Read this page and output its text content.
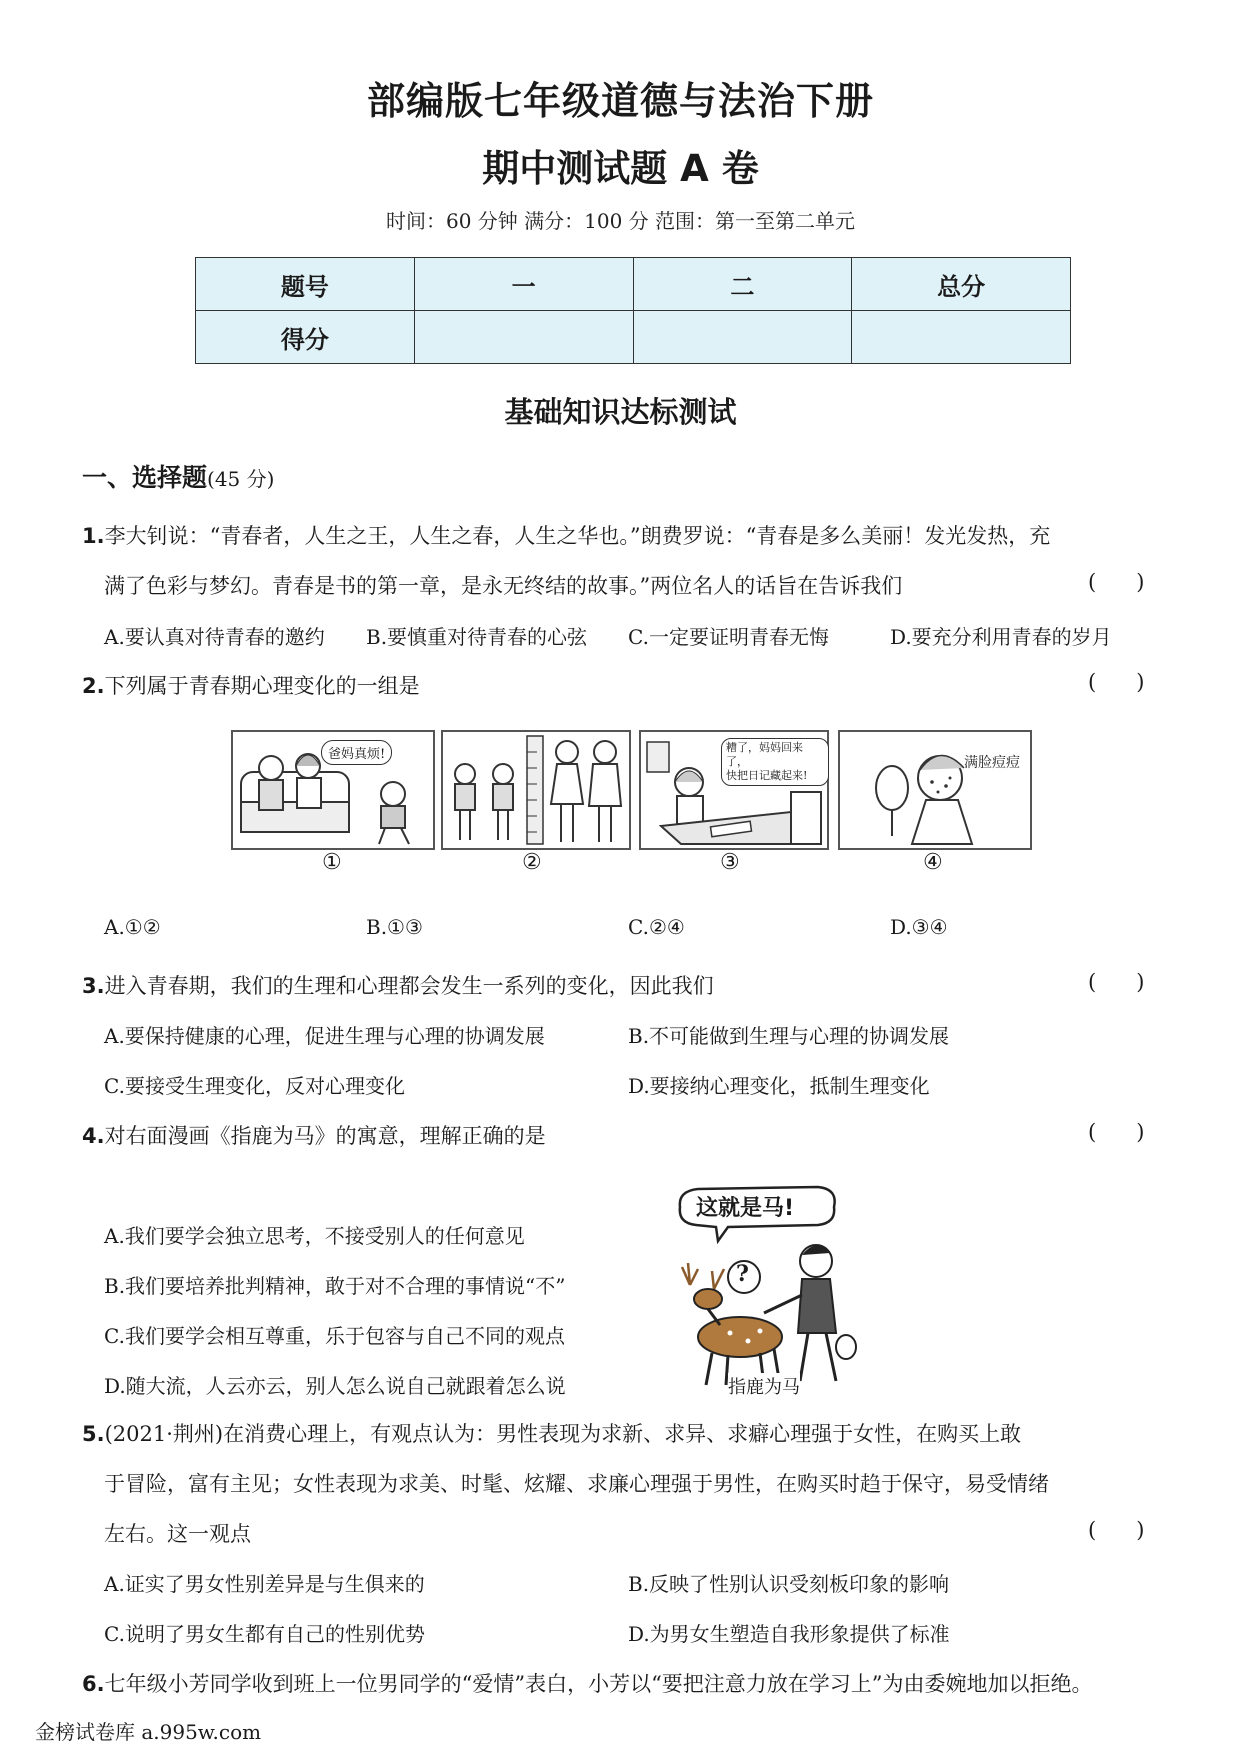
部编版七年级道德与法治下册
期中测试题 A 卷
时间：60 分钟 满分：100 分 范围：第一至第二单元
题号	一	二	总分
得分			
基础知识达标测试
一、选择题(45 分)
1.李大钊说：“青春者，人生之王，人生之春，人生之华也。”朗费罗说：“青春是多么美丽！发光发热，充
满了色彩与梦幻。青春是书的第一章，是永无终结的故事。”两位名人的话旨在告诉我们	(      )
A.要认真对待青春的邀约 B.要慎重对待青春的心弦 C.一定要证明青春无悔	D.要充分利用青春的岁月
2.下列属于青春期心理变化的一组是	(      )
爸妈真烦!
①	②
糟了，妈妈回来了，
快把日记藏起来!
③
满脸痘痘
④
A.①②	B.①③	C.②④	D.③④
3.进入青春期，我们的生理和心理都会发生一系列的变化，因此我们	(      )
A.要保持健康的心理，促进生理与心理的协调发展	B.不可能做到生理与心理的协调发展
C.要接受生理变化，反对心理变化	D.要接纳心理变化，抵制生理变化
4.对右面漫画《指鹿为马》的寓意，理解正确的是	(      )
A.我们要学会独立思考，不接受别人的任何意见
B.我们要培养批判精神，敢于对不合理的事情说“不”
C.我们要学会相互尊重，乐于包容与自己不同的观点
D.随大流，人云亦云，别人怎么说自己就跟着怎么说
这就是马!
?
指鹿为马
5.(2021·荆州)在消费心理上，有观点认为：男性表现为求新、求异、求癖心理强于女性，在购买上敢
于冒险，富有主见；女性表现为求美、时髦、炫耀、求廉心理强于男性，在购买时趋于保守，易受情绪
左右。这一观点	(      )
A.证实了男女性别差异是与生俱来的	B.反映了性别认识受刻板印象的影响
C.说明了男女生都有自己的性别优势	D.为男女生塑造自我形象提供了标准
6.七年级小芳同学收到班上一位男同学的“爱情”表白，小芳以“要把注意力放在学习上”为由委婉地加以拒绝。
金榜试卷库 a.995w.com
